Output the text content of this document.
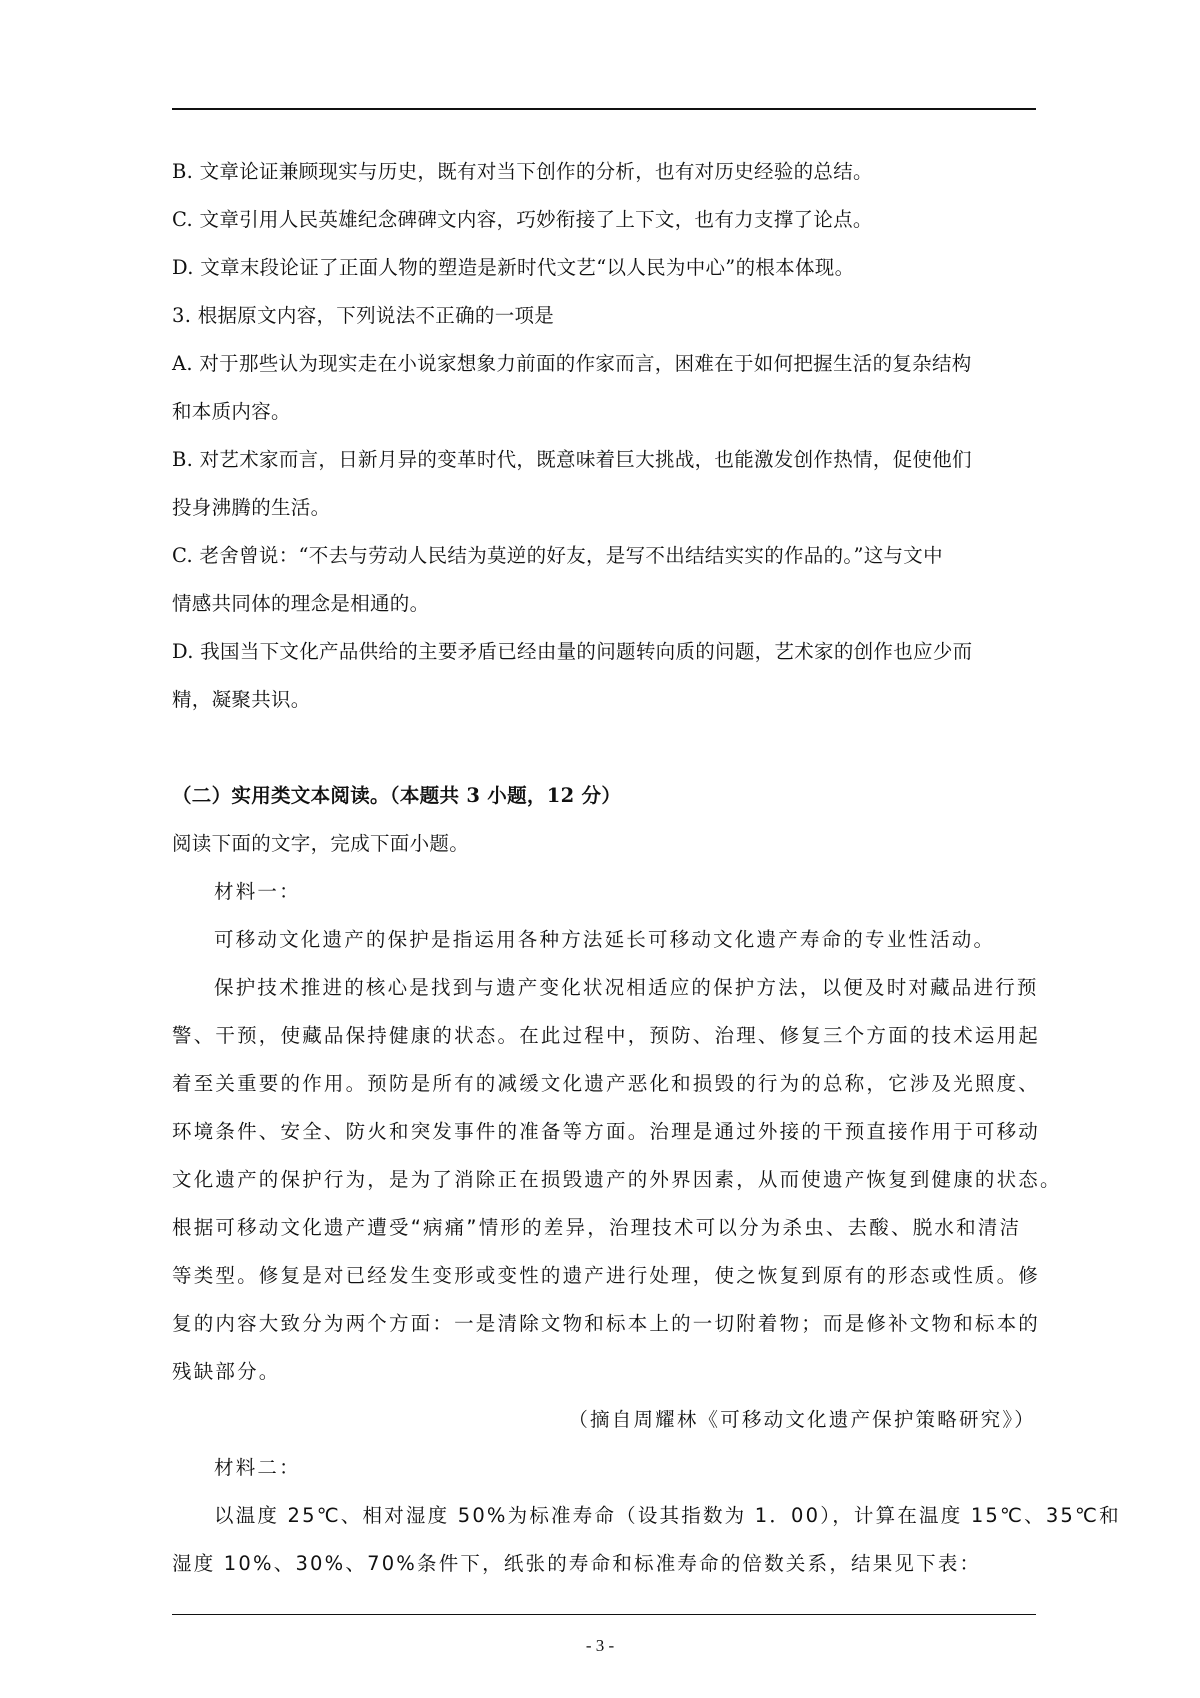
B. 文章论证兼顾现实与历史，既有对当下创作的分析，也有对历史经验的总结。
C. 文章引用人民英雄纪念碑碑文内容，巧妙衔接了上下文，也有力支撑了论点。
D. 文章末段论证了正面人物的塑造是新时代文艺“以人民为中心”的根本体现。
3. 根据原文内容，下列说法不正确的一项是
A. 对于那些认为现实走在小说家想象力前面的作家而言，困难在于如何把握生活的复杂结构
和本质内容。
B. 对艺术家而言，日新月异的变革时代，既意味着巨大挑战，也能激发创作热情，促使他们
投身沸腾的生活。
C. 老舍曾说：“不去与劳动人民结为莫逆的好友，是写不出结结实实的作品的。”这与文中
情感共同体的理念是相通的。
D. 我国当下文化产品供给的主要矛盾已经由量的问题转向质的问题，艺术家的创作也应少而
精，凝聚共识。
（二）实用类文本阅读。（本题共 3 小题，12 分）
阅读下面的文字，完成下面小题。
材料一：
可移动文化遗产的保护是指运用各种方法延长可移动文化遗产寿命的专业性活动。
保护技术推进的核心是找到与遗产变化状况相适应的保护方法，以便及时对藏品进行预
警、干预，使藏品保持健康的状态。在此过程中，预防、治理、修复三个方面的技术运用起
着至关重要的作用。预防是所有的减缓文化遗产恶化和损毁的行为的总称，它涉及光照度、
环境条件、安全、防火和突发事件的准备等方面。治理是通过外接的干预直接作用于可移动
文化遗产的保护行为，是为了消除正在损毁遗产的外界因素，从而使遗产恢复到健康的状态。
根据可移动文化遗产遭受“病痛”情形的差异，治理技术可以分为杀虫、去酸、脱水和清洁
等类型。修复是对已经发生变形或变性的遗产进行处理，使之恢复到原有的形态或性质。修
复的内容大致分为两个方面：一是清除文物和标本上的一切附着物；而是修补文物和标本的
残缺部分。
（摘自周耀林《可移动文化遗产保护策略研究》）
材料二：
以温度 25℃、相对湿度 50%为标准寿命（设其指数为 1．00），计算在温度 15℃、35℃和
湿度 10%、30%、70%条件下，纸张的寿命和标准寿命的倍数关系，结果见下表：
- 3 -
